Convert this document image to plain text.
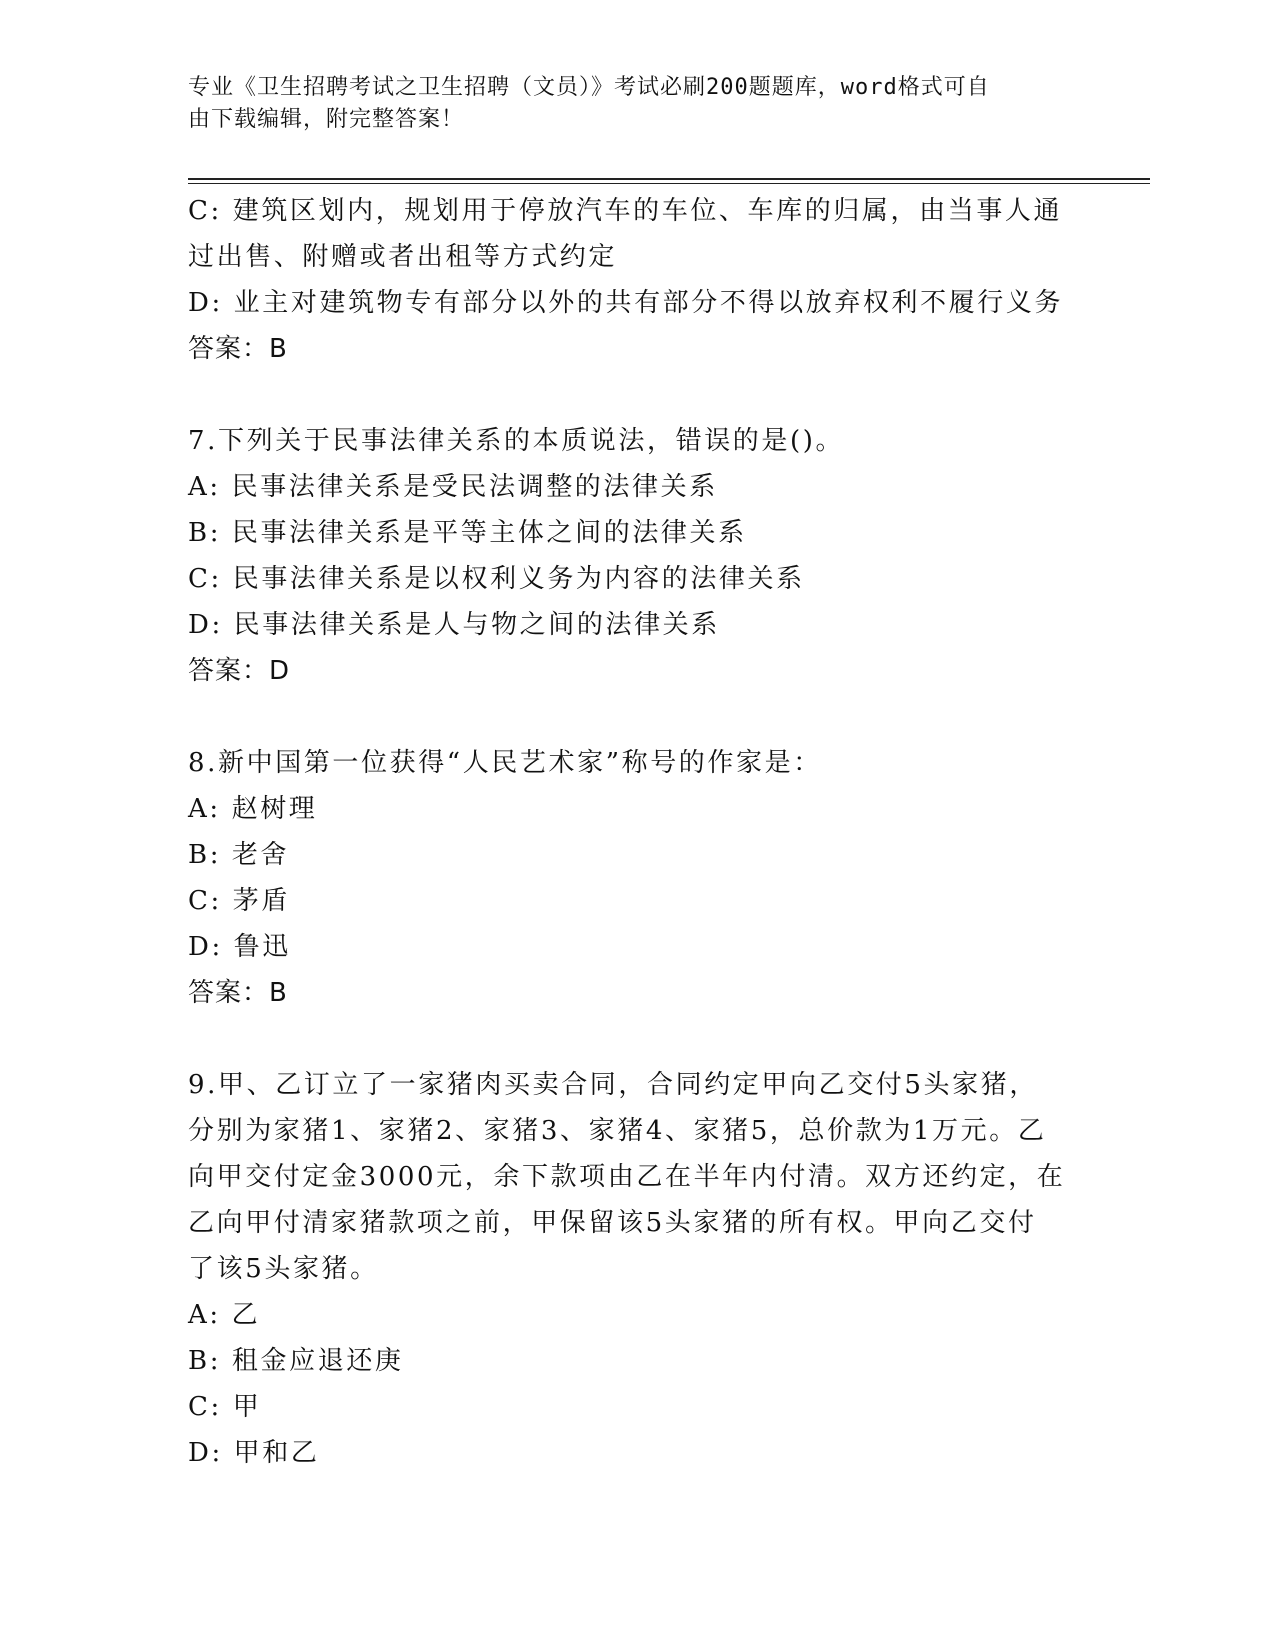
专业《卫生招聘考试之卫生招聘（文员）》考试必刷200题题库，word格式可自
由下载编辑，附完整答案！
C: 建筑区划内，规划用于停放汽车的车位、车库的归属，由当事人通
过出售、附赠或者出租等方式约定
D: 业主对建筑物专有部分以外的共有部分不得以放弃权利不履行义务
答案：B
7.下列关于民事法律关系的本质说法，错误的是()。
A: 民事法律关系是受民法调整的法律关系
B: 民事法律关系是平等主体之间的法律关系
C: 民事法律关系是以权利义务为内容的法律关系
D: 民事法律关系是人与物之间的法律关系
答案：D
8.新中国第一位获得“人民艺术家”称号的作家是：
A: 赵树理
B: 老舍
C: 茅盾
D: 鲁迅
答案：B
9.甲、乙订立了一家猪肉买卖合同，合同约定甲向乙交付5头家猪，
分别为家猪1、家猪2、家猪3、家猪4、家猪5，总价款为1万元。乙
向甲交付定金3000元，余下款项由乙在半年内付清。双方还约定，在
乙向甲付清家猪款项之前，甲保留该5头家猪的所有权。甲向乙交付
了该5头家猪。
A: 乙
B: 租金应退还庚
C: 甲
D: 甲和乙
